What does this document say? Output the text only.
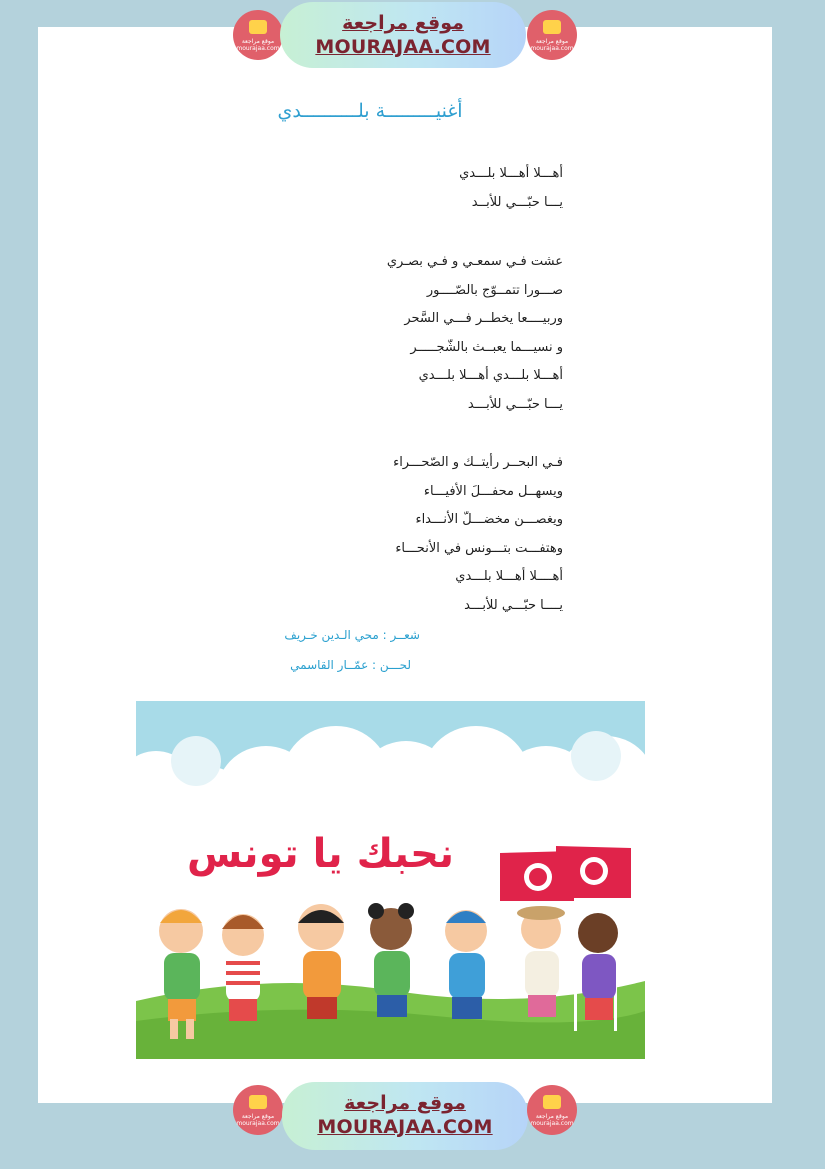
موقع مراجعة mourajaa.com
موقع مراجعة
MOURAJAA.COM	موقع مراجعة mourajaa.com
أغنيـــــــــة بلــــــــــدي
أهـــلا أهـــلا بلـــدي
يـــا حبّـــي للأبــد
عشت فـي سمعـي و فـي بصـري
صـــورا تتمــوّج بالصّــــور
وربيــــعا يخطــر فـــي السَّحر
و نسيـــما يعبــث بالشّجـــــر
أهـــلا بلـــدي أهـــلا بلـــدي
يـــا حبّـــي للأبـــد
فـي البحــر رأيتــك و الصّحـــراء
ويسهــل محفـــلَ الأفيـــاء
ويغصـــن مخضـــلّ الأنـــداء
وهتفـــت بتـــونس في الأنحـــاء
أهــــلا أهـــلا بلـــدي
يــــا حبّـــي للأبـــد
شعــر : محي الـدين خـريف
لحـــن : عمّــار القاسمي
نحبك يا تونس
موقع مراجعة mourajaa.com
موقع مراجعة
MOURAJAA.COM	موقع مراجعة mourajaa.com
